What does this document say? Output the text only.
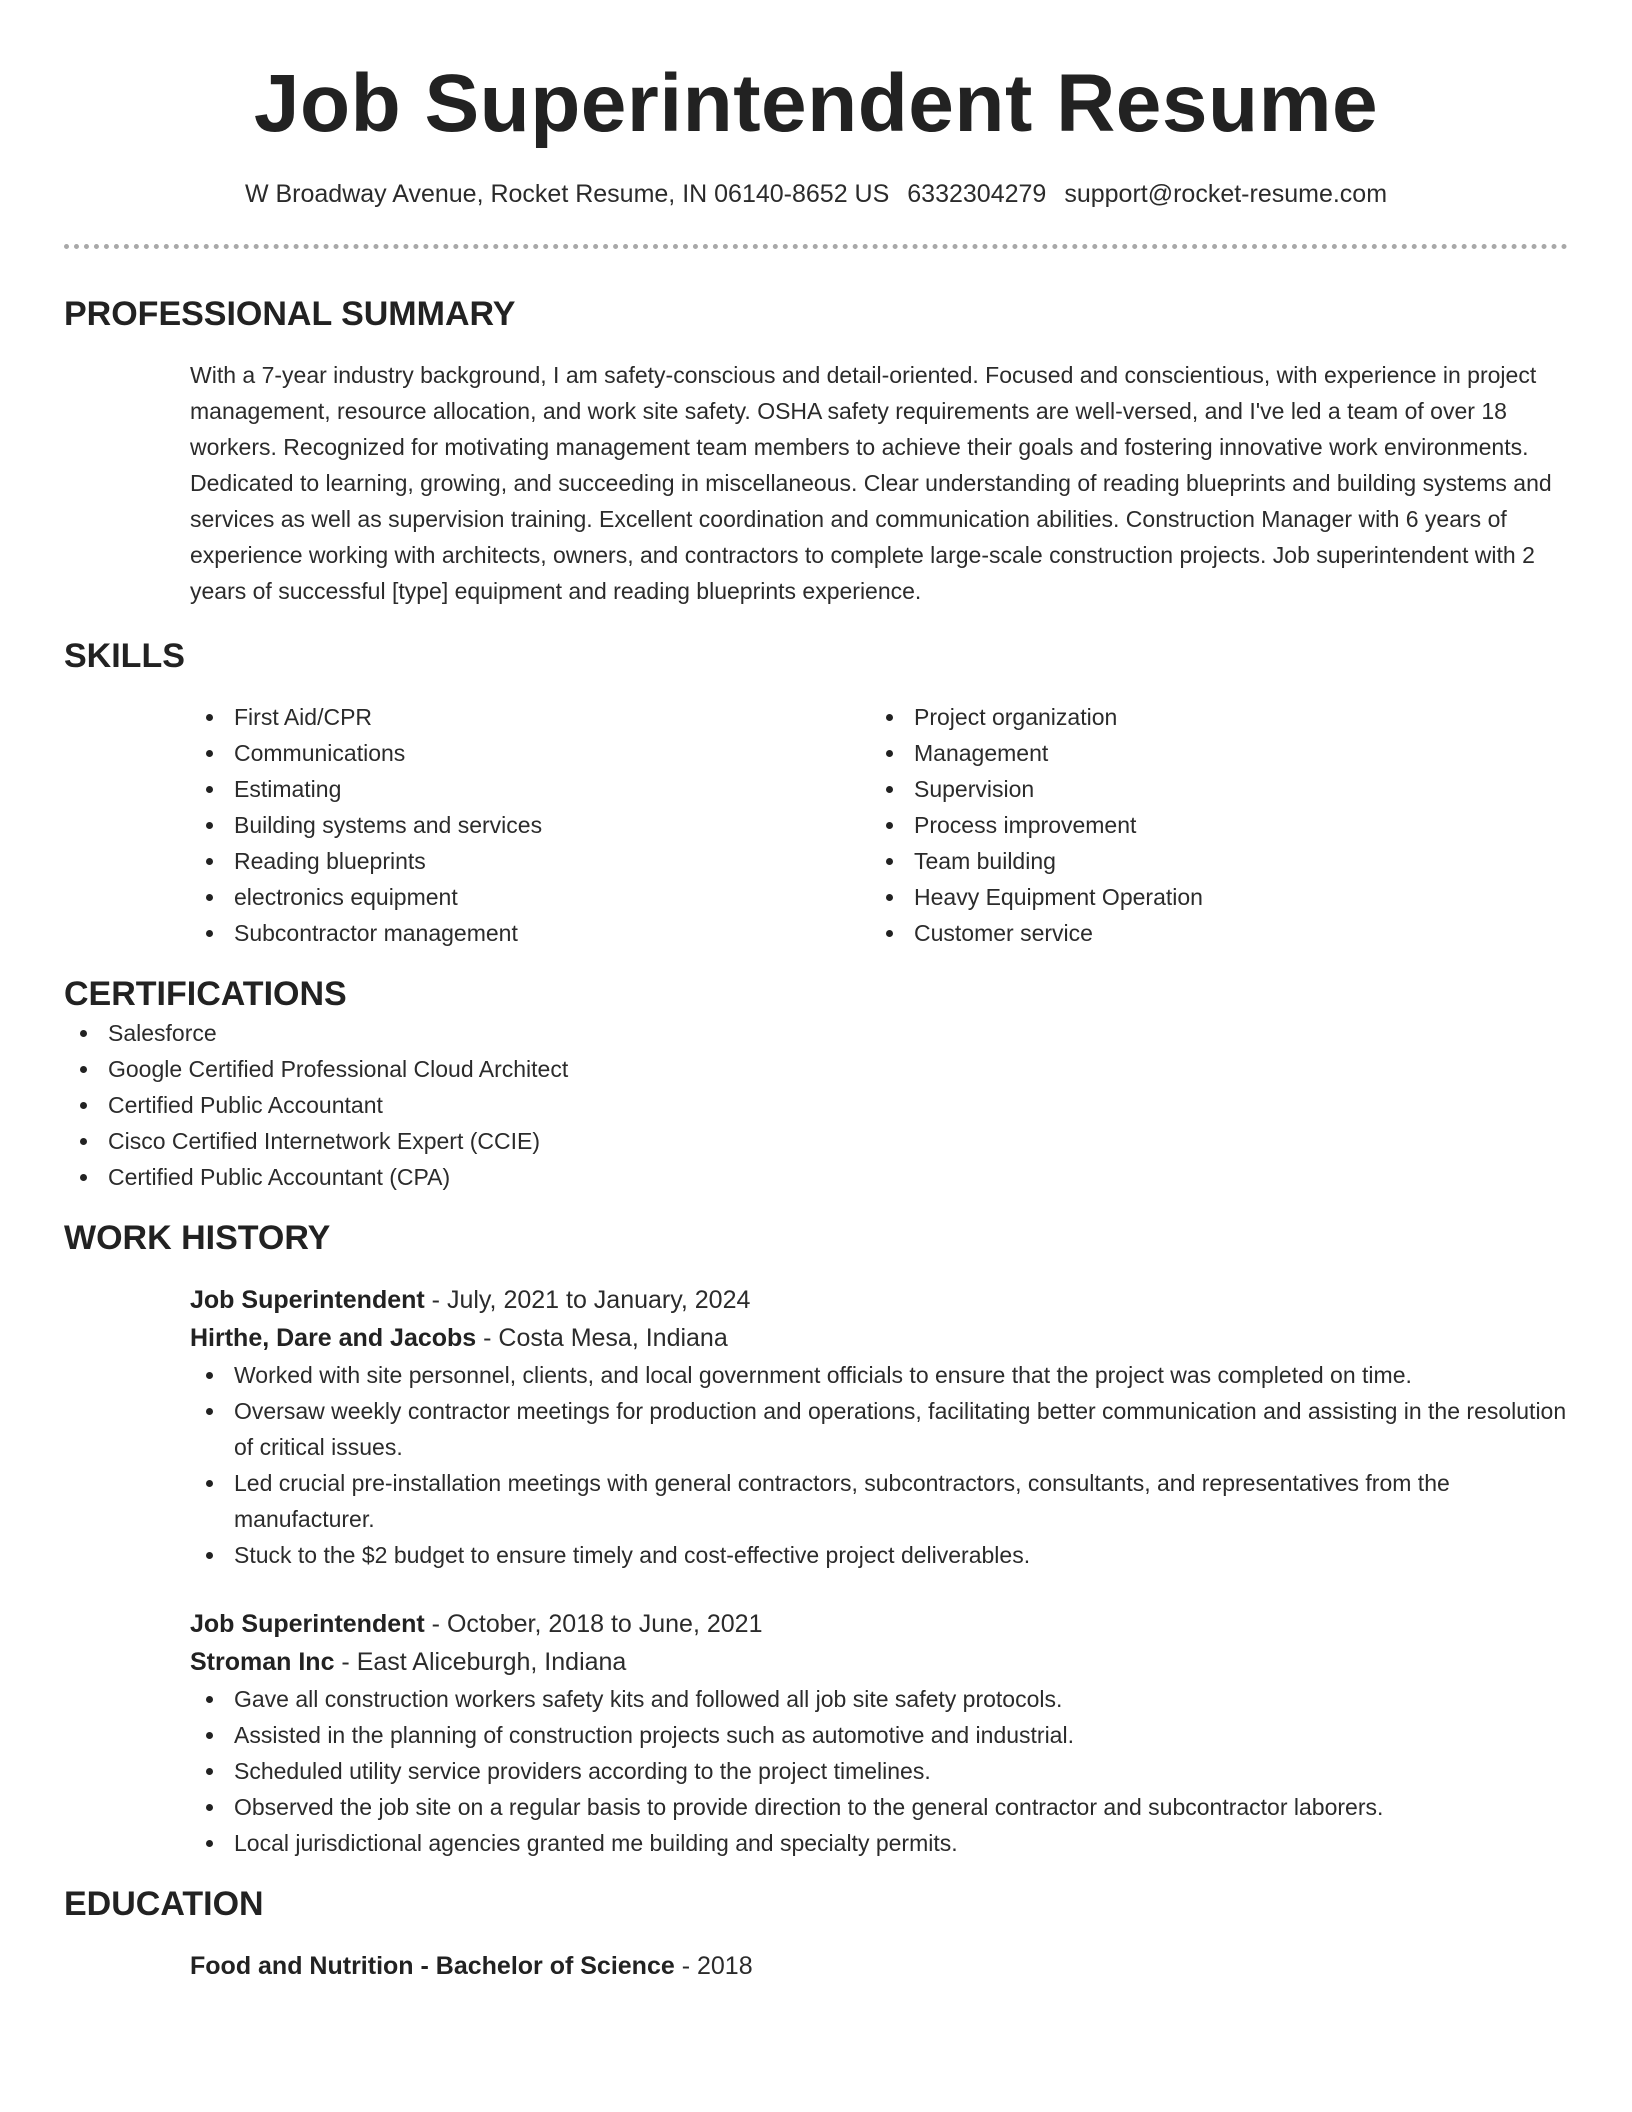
Job Superintendent Resume
W Broadway Avenue, Rocket Resume, IN 06140-8652 US 6332304279 support@rocket-resume.com
PROFESSIONAL SUMMARY

With a 7-year industry background, I am safety-conscious and detail-oriented. Focused and conscientious, with experience in project management, resource allocation, and work site safety. OSHA safety requirements are well-versed, and I've led a team of over 18 workers. Recognized for motivating management team members to achieve their goals and fostering innovative work environments. Dedicated to learning, growing, and succeeding in miscellaneous. Clear understanding of reading blueprints and building systems and services as well as supervision training. Excellent coordination and communication abilities. Construction Manager with 6 years of experience working with architects, owners, and contractors to complete large-scale construction projects. Job superintendent with 2 years of successful [type] equipment and reading blueprints experience.

SKILLS
First Aid/CPR
Communications
Estimating
Building systems and services
Reading blueprints
electronics equipment
Subcontractor management
Project organization
Management
Supervision
Process improvement
Team building
Heavy Equipment Operation
Customer service
CERTIFICATIONS
Salesforce
Google Certified Professional Cloud Architect
Certified Public Accountant
Cisco Certified Internetwork Expert (CCIE)
Certified Public Accountant (CPA)
WORK HISTORY
Job Superintendent - July, 2021 to January, 2024
Hirthe, Dare and Jacobs - Costa Mesa, Indiana
Worked with site personnel, clients, and local government officials to ensure that the project was completed on time.
Oversaw weekly contractor meetings for production and operations, facilitating better communication and assisting in the resolution of critical issues.
Led crucial pre-installation meetings with general contractors, subcontractors, consultants, and representatives from the manufacturer.
Stuck to the $2 budget to ensure timely and cost-effective project deliverables.
Job Superintendent - October, 2018 to June, 2021
Stroman Inc - East Aliceburgh, Indiana
Gave all construction workers safety kits and followed all job site safety protocols.
Assisted in the planning of construction projects such as automotive and industrial.
Scheduled utility service providers according to the project timelines.
Observed the job site on a regular basis to provide direction to the general contractor and subcontractor laborers.
Local jurisdictional agencies granted me building and specialty permits.
EDUCATION
Food and Nutrition - Bachelor of Science - 2018
